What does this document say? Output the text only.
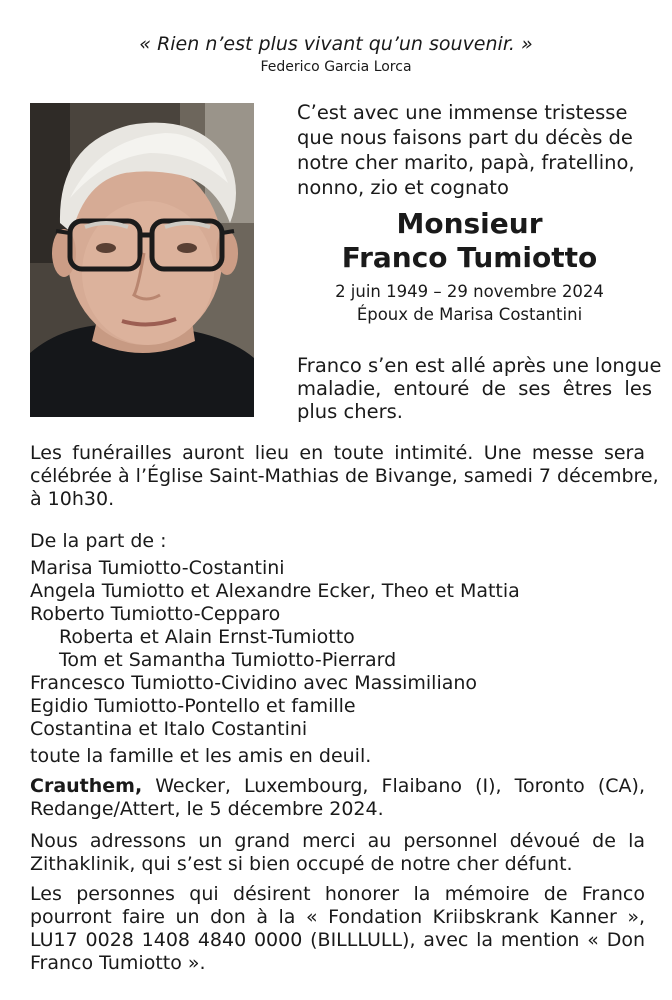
« Rien n’est plus vivant qu’un souvenir. »
Federico Garcia Lorca

C’est avec une immense tristesse
que nous faisons part du décès de
notre cher marito, papà, fratellino,
nonno, zio et cognato

Monsieur
Franco Tumiotto
2 juin 1949 – 29 novembre 2024
Époux de Marisa Costantini
Franco s’en est allé après une longue
maladie, entouré de ses êtres les
plus chers.
Les funérailles auront lieu en toute intimité. Une messe sera
célébrée à l’Église Saint-Mathias de Bivange, samedi 7 décembre,
à 10h30.
De la part de :
Marisa Tumiotto-Costantini
Angela Tumiotto et Alexandre Ecker, Theo et Mattia
Roberto Tumiotto-Cepparo
Roberta et Alain Ernst-Tumiotto
Tom et Samantha Tumiotto-Pierrard
Francesco Tumiotto-Cividino avec Massimiliano
Egidio Tumiotto-Pontello et famille
Costantina et Italo Costantini
toute la famille et les amis en deuil.
Crauthem, Wecker, Luxembourg, Flaibano (I), Toronto (CA),
Redange/Attert, le 5 décembre 2024.
Nous adressons un grand merci au personnel dévoué de la
Zithaklinik, qui s’est si bien occupé de notre cher défunt.
Les personnes qui désirent honorer la mémoire de Franco
pourront faire un don à la « Fondation Kriibskrank Kanner »,
LU17 0028 1408 4840 0000 (BILLLULL), avec la mention « Don
Franco Tumiotto ».
